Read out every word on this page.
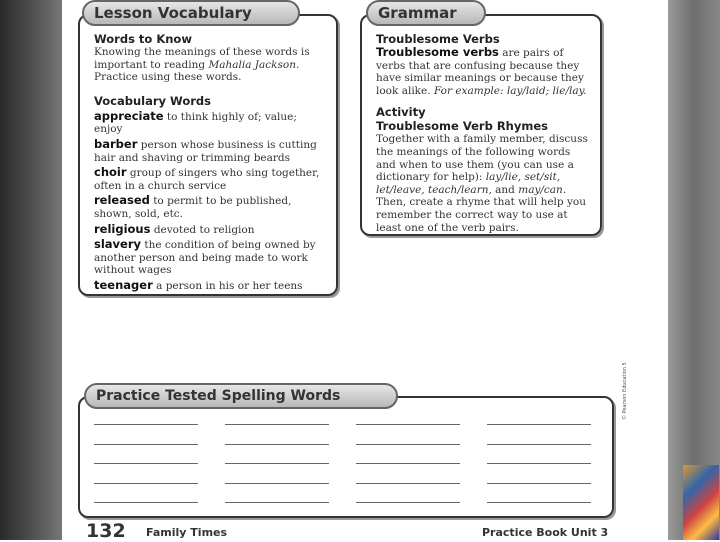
Words to Know
Knowing the meanings of these words is important to reading Mahalia Jackson. Practice using these words.
Vocabulary Words
appreciate to think highly of; value; enjoy
barber person whose business is cutting hair and shaving or trimming beards
choir group of singers who sing together, often in a church service
released to permit to be published, shown, sold, etc.
religious devoted to religion
slavery the condition of being owned by another person and being made to work without wages
teenager a person in his or her teens
Lesson Vocabulary
Troublesome Verbs
Troublesome verbs are pairs of verbs that are confusing because they have similar meanings or because they look alike. For example: lay/laid; lie/lay.
Activity
Troublesome Verb Rhymes
Together with a family member, discuss the meanings of the following words and when to use them (you can use a dictionary for help): lay/lie, set/sit, let/leave, teach/learn, and may/can. Then, create a rhyme that will help you remember the correct way to use at least one of the verb pairs.
Grammar
Practice Tested Spelling Words	© Pearson Education 5
132 Family Times	Practice Book Unit 3
